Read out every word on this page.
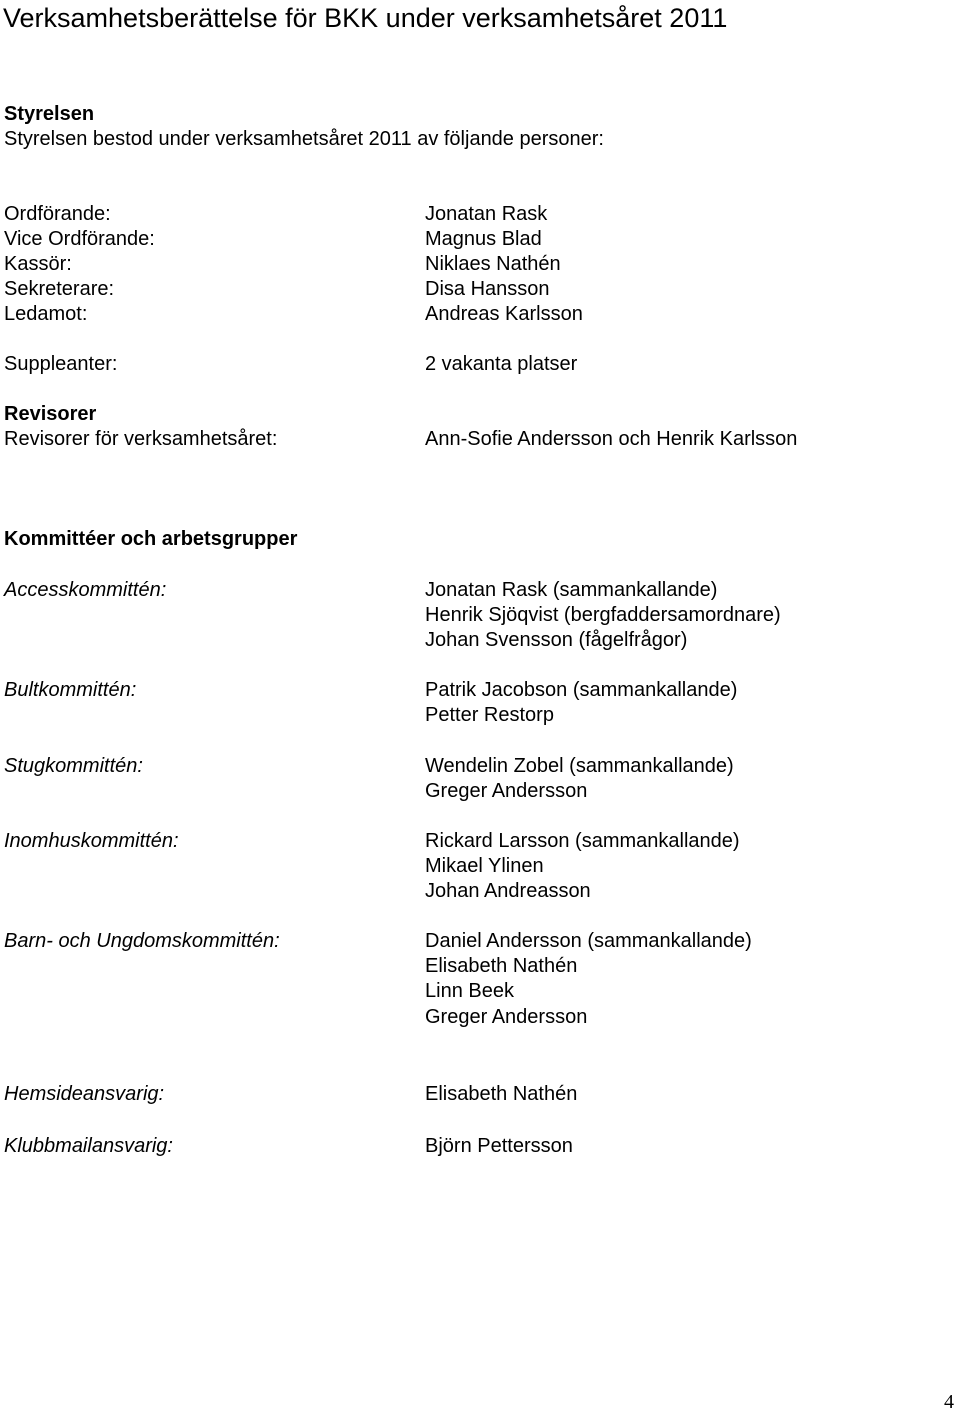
Verksamhetsberättelse för BKK under verksamhetsåret 2011
Styrelsen
Styrelsen bestod under verksamhetsåret 2011 av följande personer:
Ordförande:	Jonatan Rask
Vice Ordförande:	Magnus Blad
Kassör:	Niklaes Nathén
Sekreterare:	Disa Hansson
Ledamot:	Andreas Karlsson
Suppleanter:	2 vakanta platser
Revisorer
Revisorer för verksamhetsåret:	Ann-Sofie Andersson och Henrik Karlsson
Kommittéer och arbetsgrupper
Accesskommittén:	Jonatan Rask (sammankallande)
Henrik Sjöqvist (bergfaddersamordnare)
Johan Svensson (fågelfrågor)
Bultkommittén:	Patrik Jacobson (sammankallande)
Petter Restorp
Stugkommittén:	Wendelin Zobel (sammankallande)
Greger Andersson
Inomhuskommittén:	Rickard Larsson (sammankallande)
Mikael Ylinen
Johan Andreasson
Barn- och Ungdomskommittén:	Daniel Andersson (sammankallande)
Elisabeth Nathén
Linn Beek
Greger Andersson
Hemsideansvarig:	Elisabeth Nathén
Klubbmailansvarig:	Björn Pettersson
4
